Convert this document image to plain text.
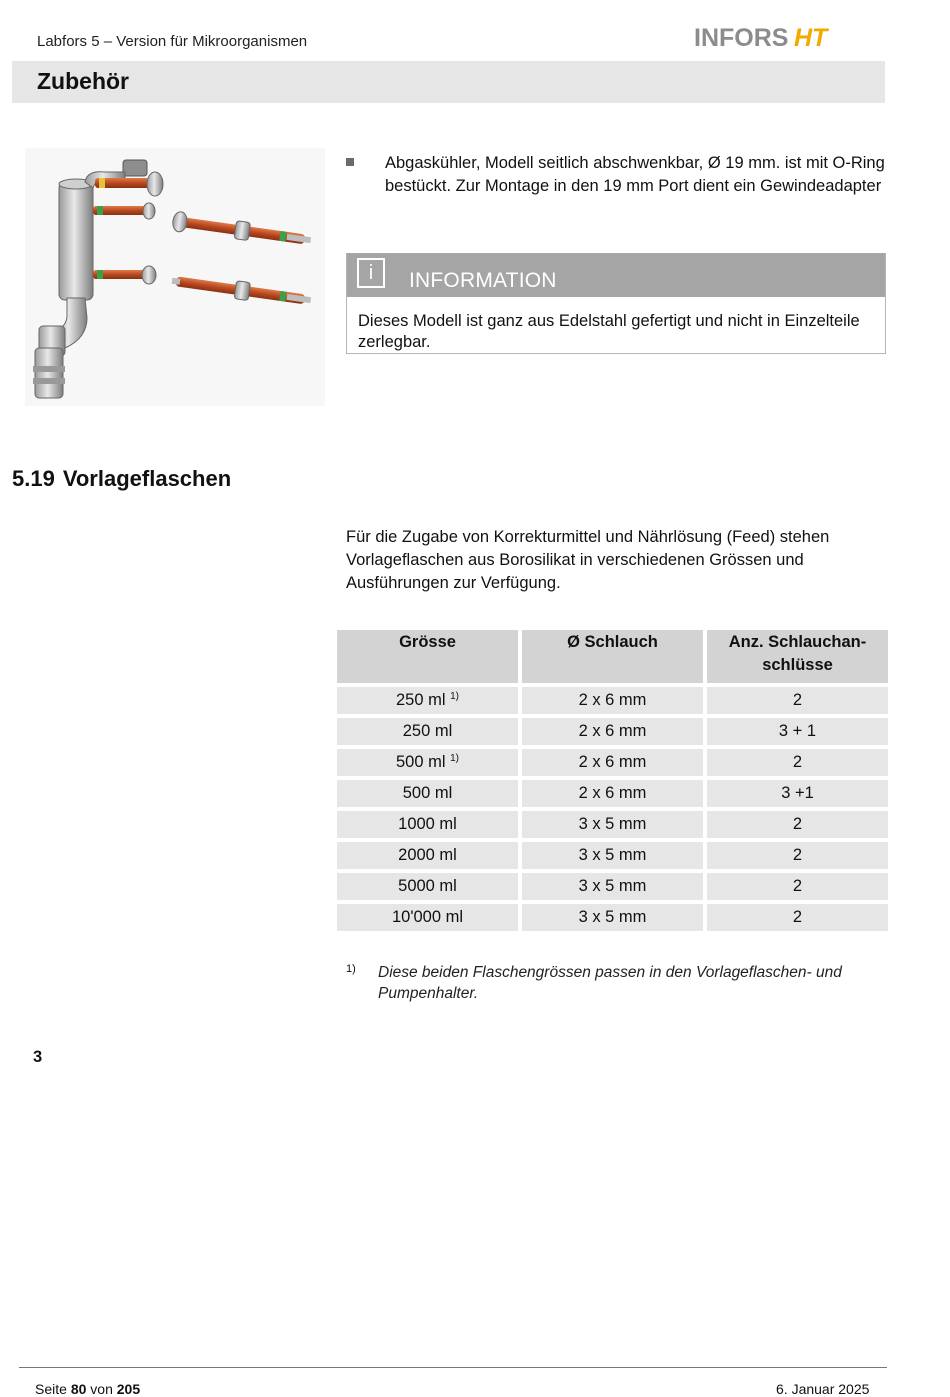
Labfors 5 – Version für Mikroorganismen	INFORS HT
Zubehör
Abgaskühler, Modell seitlich abschwenkbar, Ø 19 mm. ist mit O-Ring bestückt. Zur Montage in den 19 mm Port dient ein Gewindeadapter
i	INFORMATION
Dieses Modell ist ganz aus Edelstahl gefertigt und nicht in Einzelteile zerlegbar.
5.19 Vorlageflaschen
Für die Zugabe von Korrekturmittel und Nährlösung (Feed) stehen Vorlageflaschen aus Borosilikat in verschiedenen Grössen und Ausführungen zur Verfügung.
Grösse	Ø Schlauch	Anz. Schlauchan-
schlüsse
250 ml $^{1)}$	2 x 6 mm	2
250 ml	2 x 6 mm	3 + 1
500 ml $^{1)}$	2 x 6 mm	2
500 ml	2 x 6 mm	3 +1
1000 ml	3 x 5 mm	2
2000 ml	3 x 5 mm	2
5000 ml	3 x 5 mm	2
10'000 ml	3 x 5 mm	2
1) Diese beiden Flaschengrössen passen in den Vorlageflaschen- und Pumpenhalter.
3
Seite 80 von 205	6. Januar 2025
